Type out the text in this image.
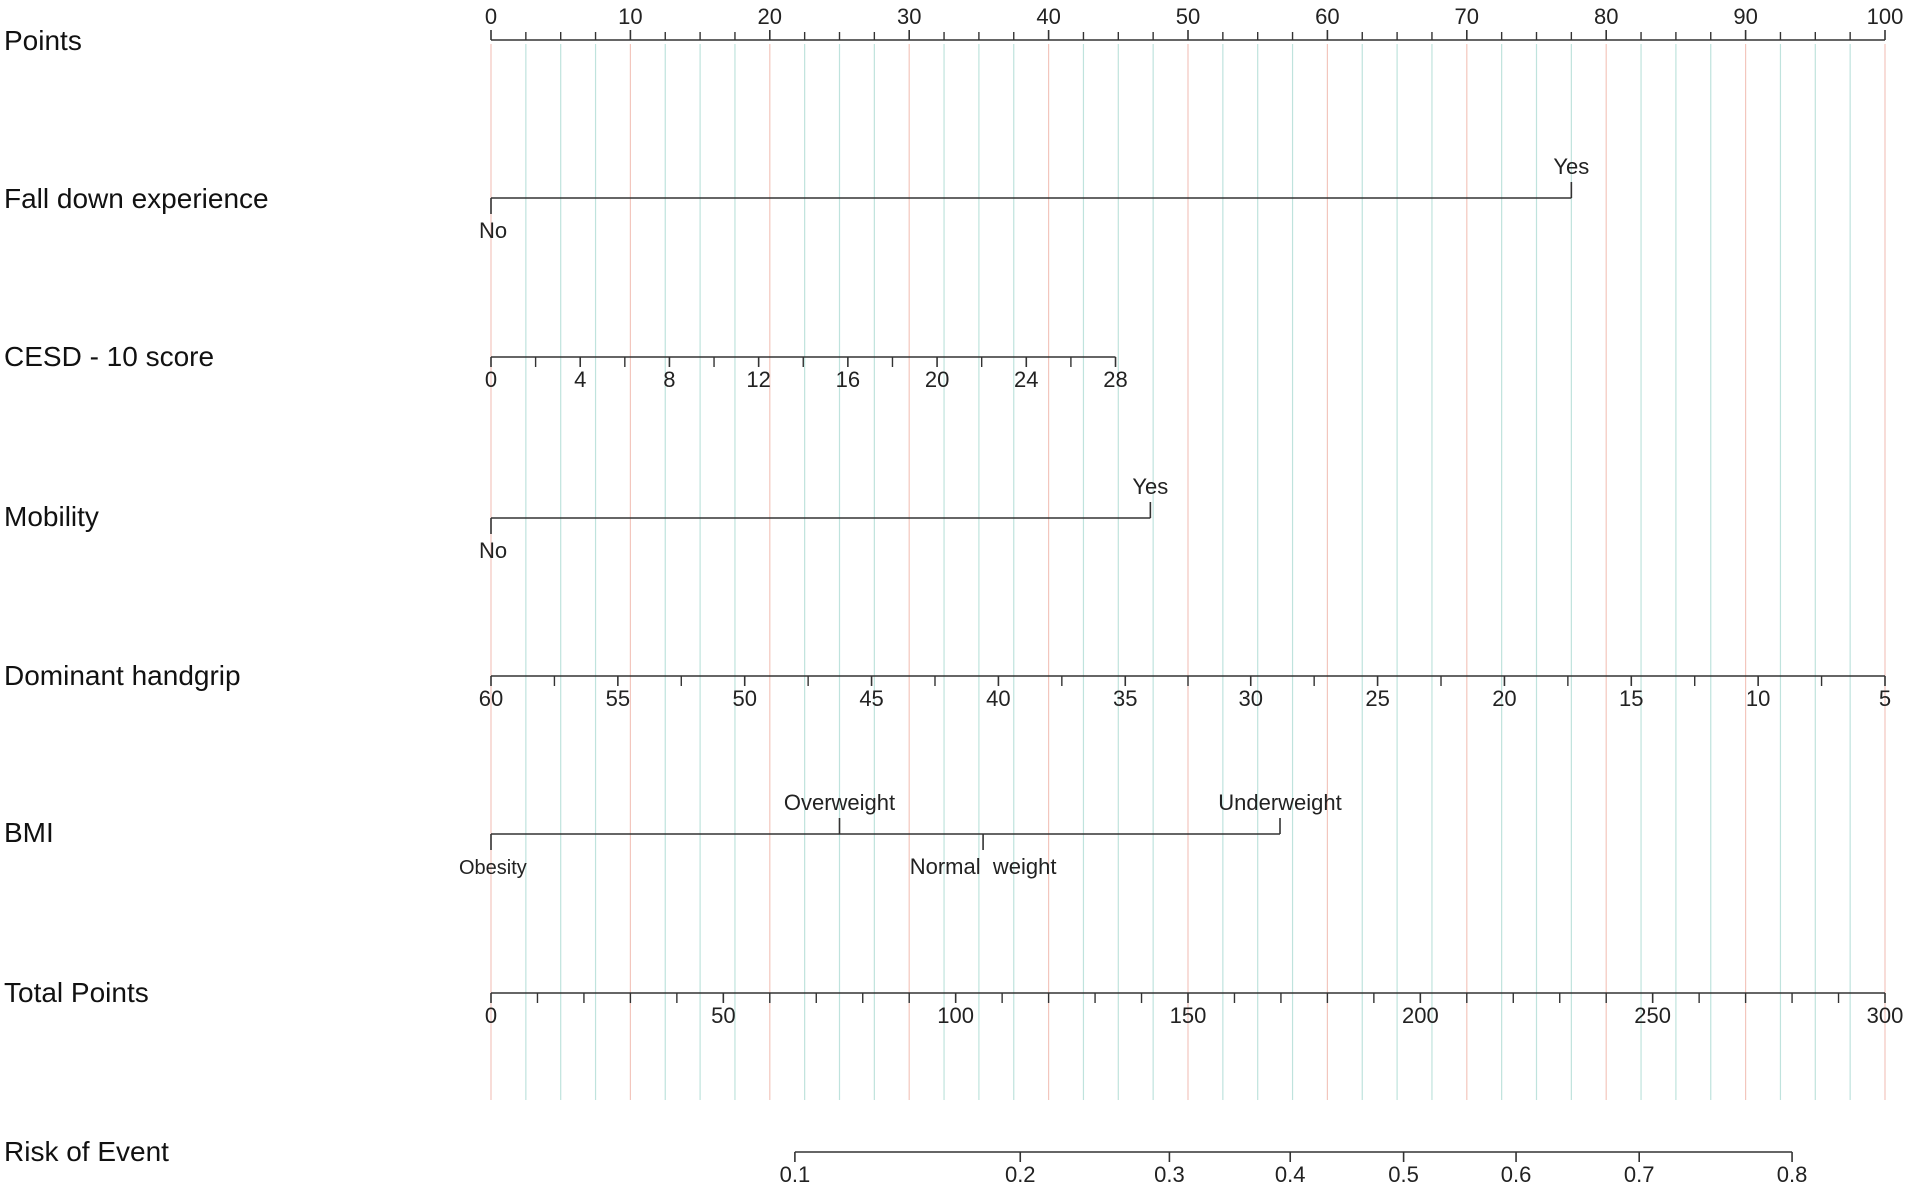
Points
0	10	20	30	40	50	60	70	80	90	100
Fall down experience
No
Yes
CESD - 10 score
0	4	8	12	16	20	24	28
Mobility
No
Yes
Dominant handgrip
60	55	50	45	40	35	30	25	20	15	10	5
BMI
Obesity
Overweight
Normal  weight
Underweight
Total Points
0	50	100	150	200	250	300
Risk of Event
0.1	0.2	0.3	0.4	0.5	0.6	0.7	0.8
